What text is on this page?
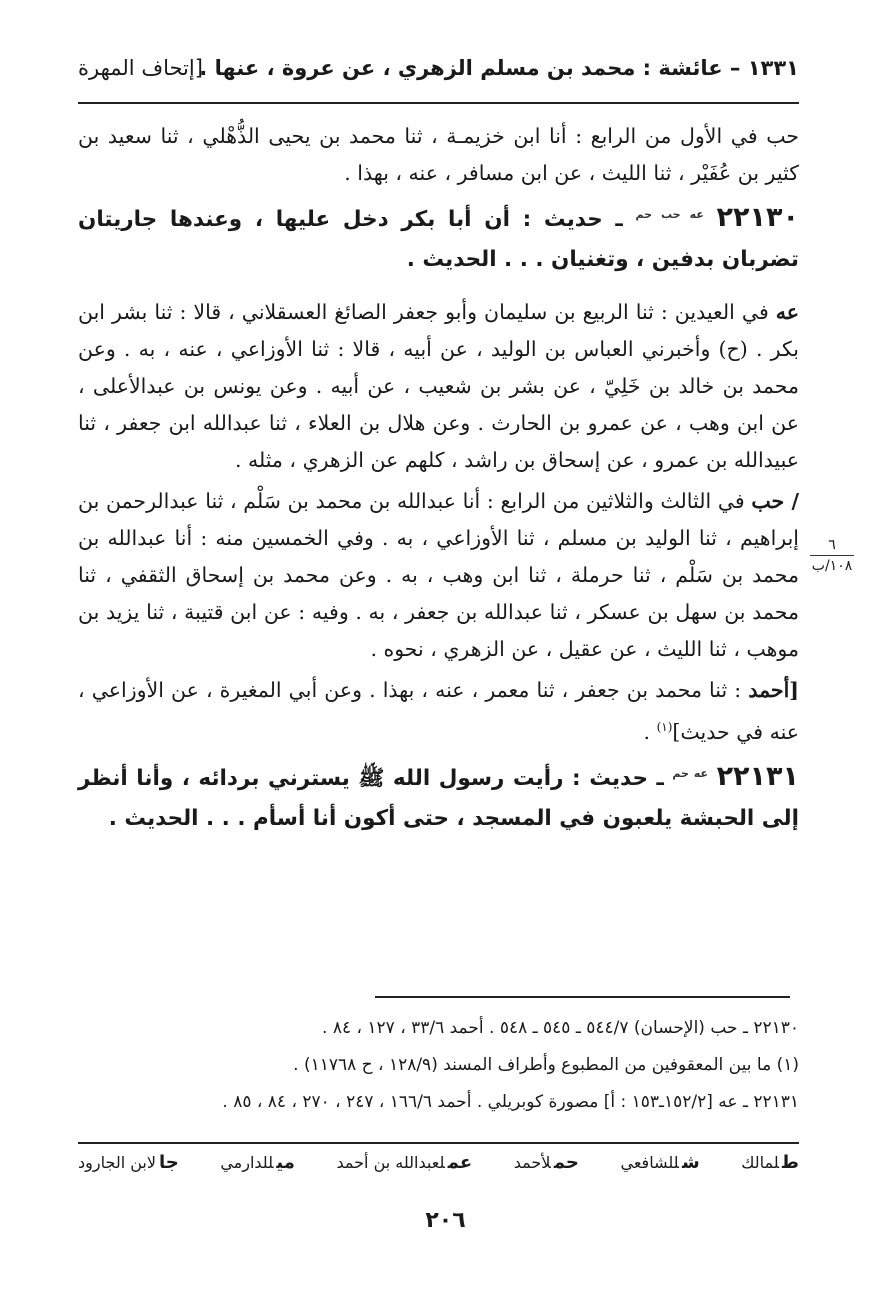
١٣٣١ – عائشة : محمد بن مسلم الزهري ، عن عروة ، عنها .
[إتحاف المهرة

حب في الأول من الرابع : أنا ابن خزيمـة ، ثنا محمد بن يحيى الذُّهْلي ، ثنا سعيد بن كثير بن عُفَيْر ، ثنا الليث ، عن ابن مسافر ، عنه ، بهذا .

٢٢١٣٠ $^{عه حب حم}$ ـ حديث : أن أبا بكر دخل عليها ، وعندها جاريتان تضربان بدفين ، وتغنيان . . . الحديث .

عه في العيدين : ثنا الربيع بن سليمان وأبو جعفر الصائغ العسقلاني ، قالا : ثنا بشر ابن بكر . (ح) وأخبرني العباس بن الوليد ، عن أبيه ، قالا : ثنا الأوزاعي ، عنه ، به . وعن محمد بن خالد بن خَلِيّ ، عن بشر بن شعيب ، عن أبيه . وعن يونس بن عبدالأعلى ، عن ابن وهب ، عن عمرو بن الحارث . وعن هلال بن العلاء ، ثنا عبدالله ابن جعفر ، ثنا عبيدالله بن عمرو ، عن إسحاق بن راشد ، كلهم عن الزهري ، مثله .

/ حب في الثالث والثلاثين من الرابع : أنا عبدالله بن محمد بن سَلْم ، ثنا عبدالرحمن بن إبراهيم ، ثنا الوليد بن مسلم ، ثنا الأوزاعي ، به . وفي الخمسين منه : أنا عبدالله بن محمد بن سَلْم ، ثنا حرملة ، ثنا ابن وهب ، به . وعن محمد بن إسحاق الثقفي ، ثنا محمد بن سهل بن عسكر ، ثنا عبدالله بن جعفر ، به . وفيه : عن ابن قتيبة ، ثنا يزيد بن موهب ، ثنا الليث ، عن عقيل ، عن الزهري ، نحوه .

[أحمد : ثنا محمد بن جعفر ، ثنا معمر ، عنه ، بهذا . وعن أبي المغيرة ، عن الأوزاعي ، عنه في حديث]$^{(١)}$ .

٢٢١٣١ $^{عه حم}$ ـ حديث : رأيت رسول الله ﷺ يسترني بردائه ، وأنا أنظر إلى الحبشة يلعبون في المسجد ، حتى أكون أنا أسأم . . . الحديث .

٦
١٠٨/ب
٢٢١٣٠ ـ حب (الإحسان) ٥٤٤/٧ ـ ٥٤٥ ـ ٥٤٨ . أحمد ٣٣/٦ ، ١٢٧ ، ٨٤ .
(١) ما بين المعقوفين من المطبوع وأطراف المسند (١٢٨/٩ ، ح ١١٧٦٨) .
٢٢١٣١ ـ عه [١٥٢/٢ـ١٥٣ : أ] مصورة كوبريلي . أحمد ١٦٦/٦ ، ٢٤٧ ، ٢٧٠ ، ٨٤ ، ٨٥ .
طلمالك
شللشافعي
حملأحمد
عملعبدالله بن أحمد
ميللدارمي
جالابن الجارود
٢٠٦
